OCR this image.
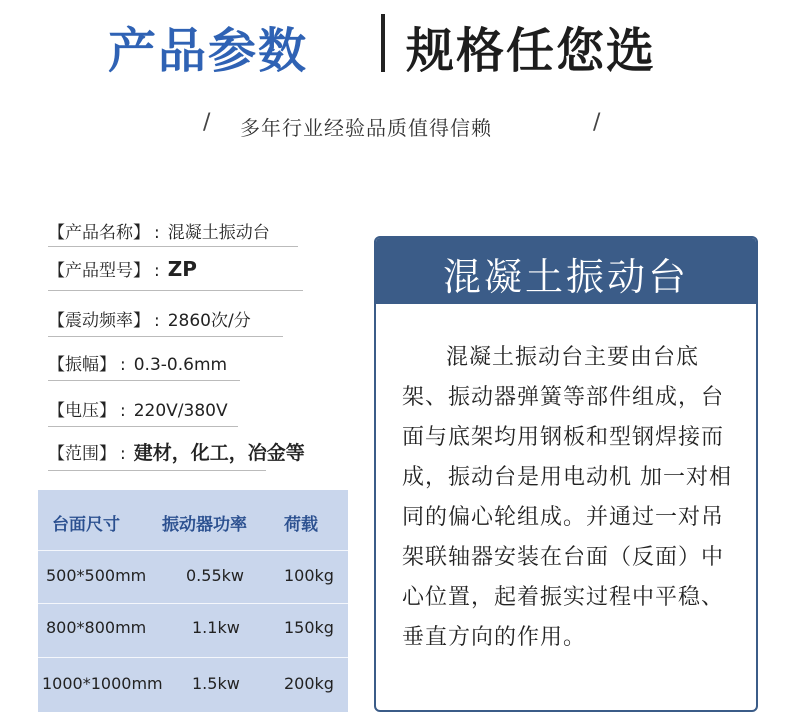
产品参数 规格任您选
/ 多年行业经验品质值得信赖	/
【产品名称】 : 混凝土振动台
【产品型号】 : ZP
【震动频率】 : 2860次/分
【振幅】 : 0.3-0.6mm
【电压】 : 220V/380V
【范围】 : 建材，化工，冶金等
台面尺寸 振动器功率 荷载
500*500mm 0.55kw	100kg
800*800mm	1.1kw	150kg
1000*1000mm 1.5kw	200kg
混凝土振动台
混凝土振动台主要由台底架、振动器弹簧等部件组成，台面与底架均用钢板和型钢焊接而成，振动台是用电动机 加一对相同的偏心轮组成。并通过一对吊架联轴器安装在台面（反面）中心位置，起着振实过程中平稳、垂直方向的作用。
